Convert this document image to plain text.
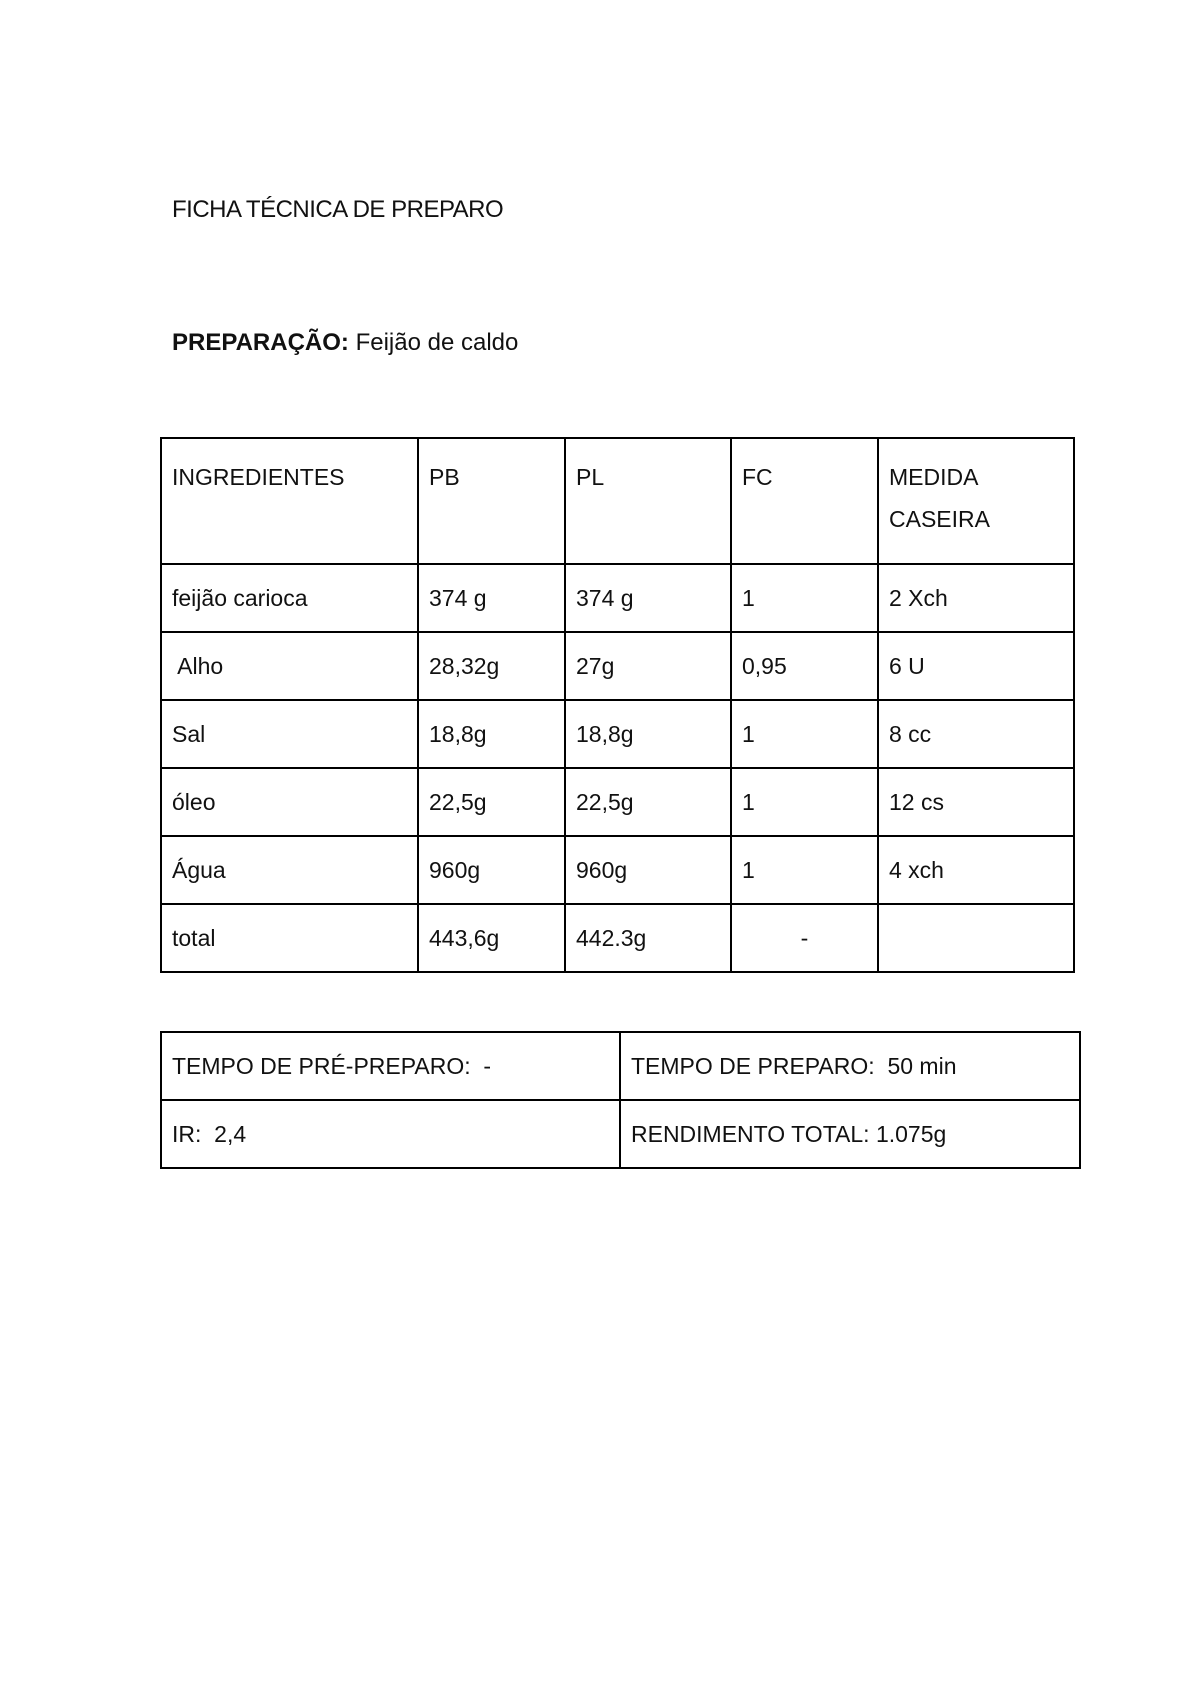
FICHA TÉCNICA DE PREPARO
PREPARAÇÃO: Feijão de caldo
INGREDIENTES	PB	PL	FC	MEDIDA CASEIRA
feijão carioca	374 g	374 g	1	2 Xch
Alho	28,32g	27g	0,95	6 U
Sal	18,8g	18,8g	1	8 cc
óleo	22,5g	22,5g	1	12 cs
Água	960g	960g	1	4 xch
total	443,6g	442.3g	-	
TEMPO DE PRÉ-PREPARO:  -	TEMPO DE PREPARO:  50 min
IR:  2,4	RENDIMENTO TOTAL: 1.075g
